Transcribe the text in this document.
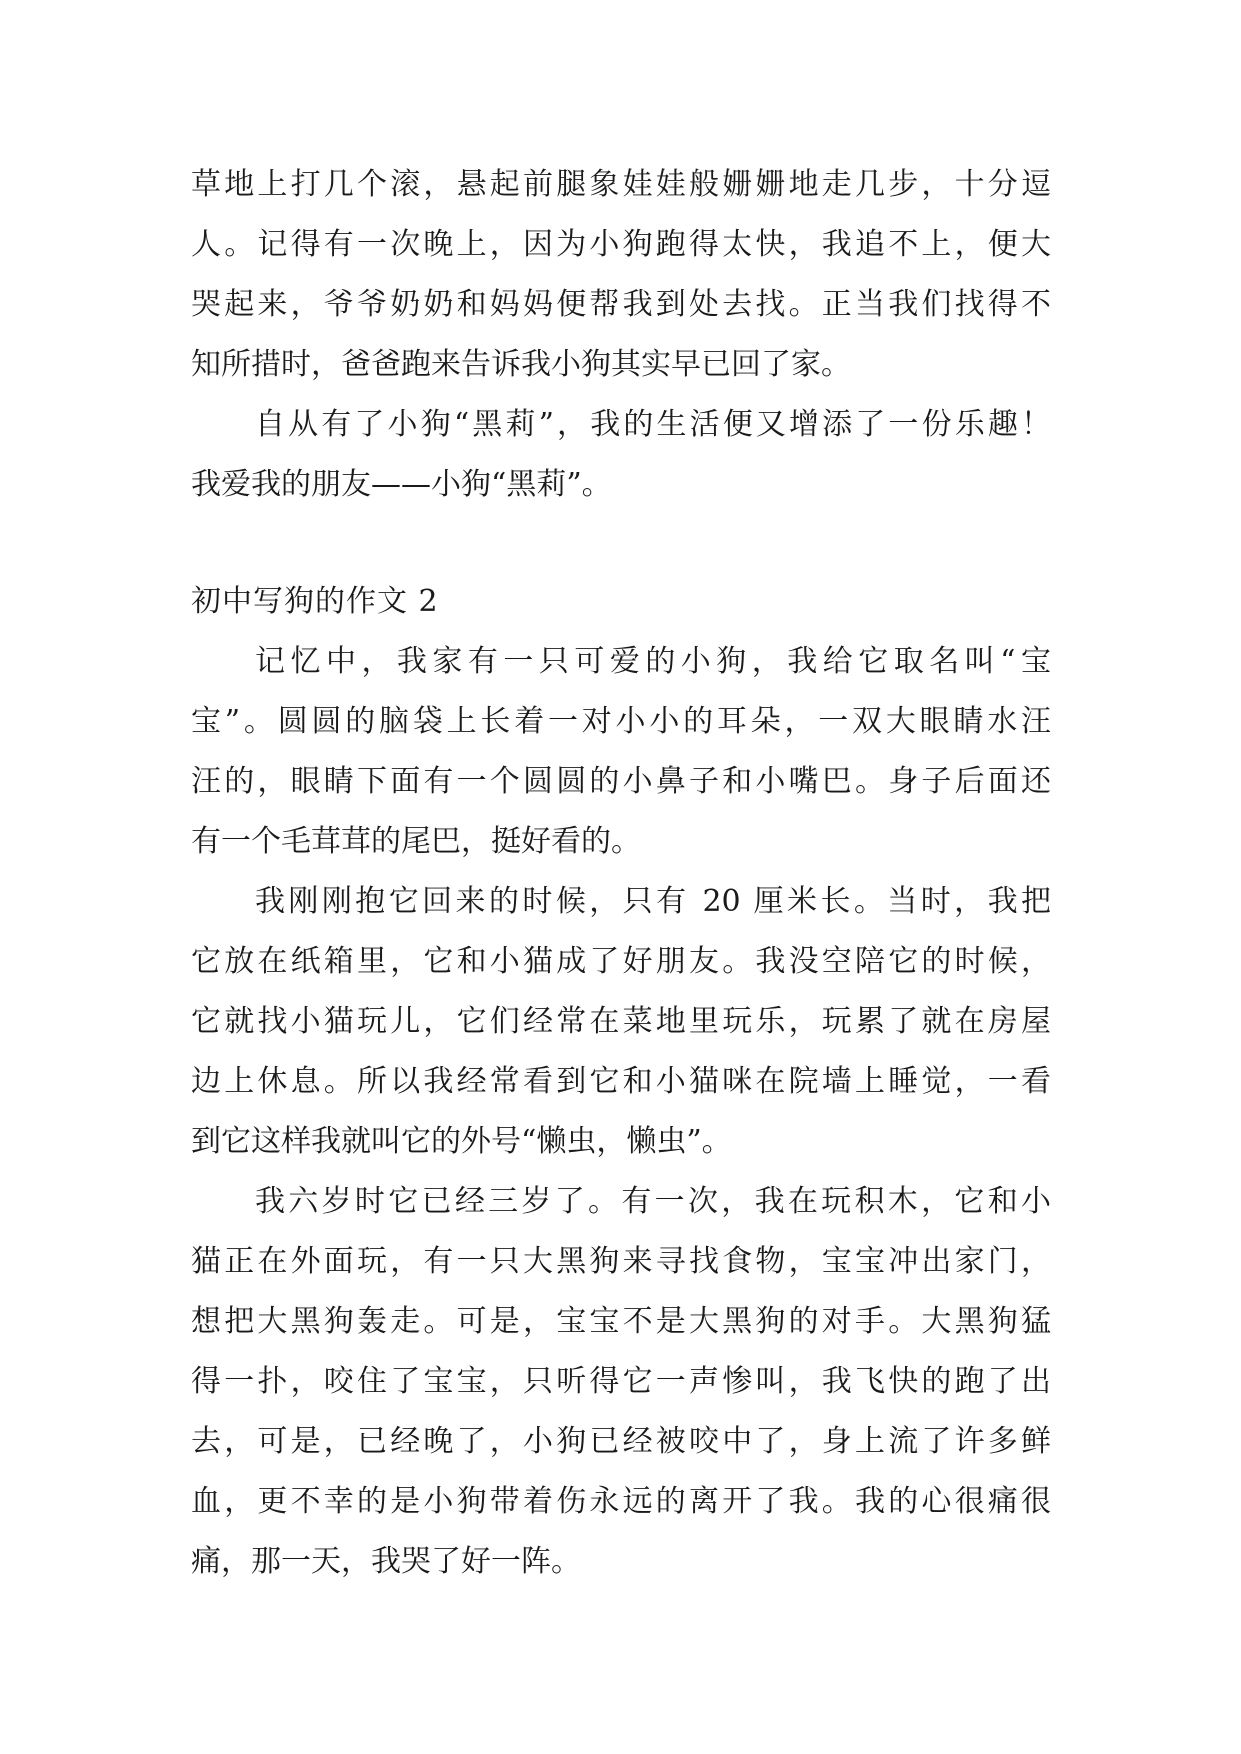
草地上打几个滚，悬起前腿象娃娃般姗姗地走几步，十分逗
人。记得有一次晚上，因为小狗跑得太快，我追不上，便大
哭起来，爷爷奶奶和妈妈便帮我到处去找。正当我们找得不
知所措时，爸爸跑来告诉我小狗其实早已回了家。
自从有了小狗“黑莉”，我的生活便又增添了一份乐趣！
我爱我的朋友——小狗“黑莉”。
初中写狗的作文 2
记忆中，我家有一只可爱的小狗，我给它取名叫“宝
宝”。圆圆的脑袋上长着一对小小的耳朵，一双大眼睛水汪
汪的，眼睛下面有一个圆圆的小鼻子和小嘴巴。身子后面还
有一个毛茸茸的尾巴，挺好看的。
我刚刚抱它回来的时候，只有 20 厘米长。当时，我把
它放在纸箱里，它和小猫成了好朋友。我没空陪它的时候，
它就找小猫玩儿，它们经常在菜地里玩乐，玩累了就在房屋
边上休息。所以我经常看到它和小猫咪在院墙上睡觉，一看
到它这样我就叫它的外号“懒虫，懒虫”。
我六岁时它已经三岁了。有一次，我在玩积木，它和小
猫正在外面玩，有一只大黑狗来寻找食物，宝宝冲出家门，
想把大黑狗轰走。可是，宝宝不是大黑狗的对手。大黑狗猛
得一扑，咬住了宝宝，只听得它一声惨叫，我飞快的跑了出
去，可是，已经晚了，小狗已经被咬中了，身上流了许多鲜
血，更不幸的是小狗带着伤永远的离开了我。我的心很痛很
痛，那一天，我哭了好一阵。
